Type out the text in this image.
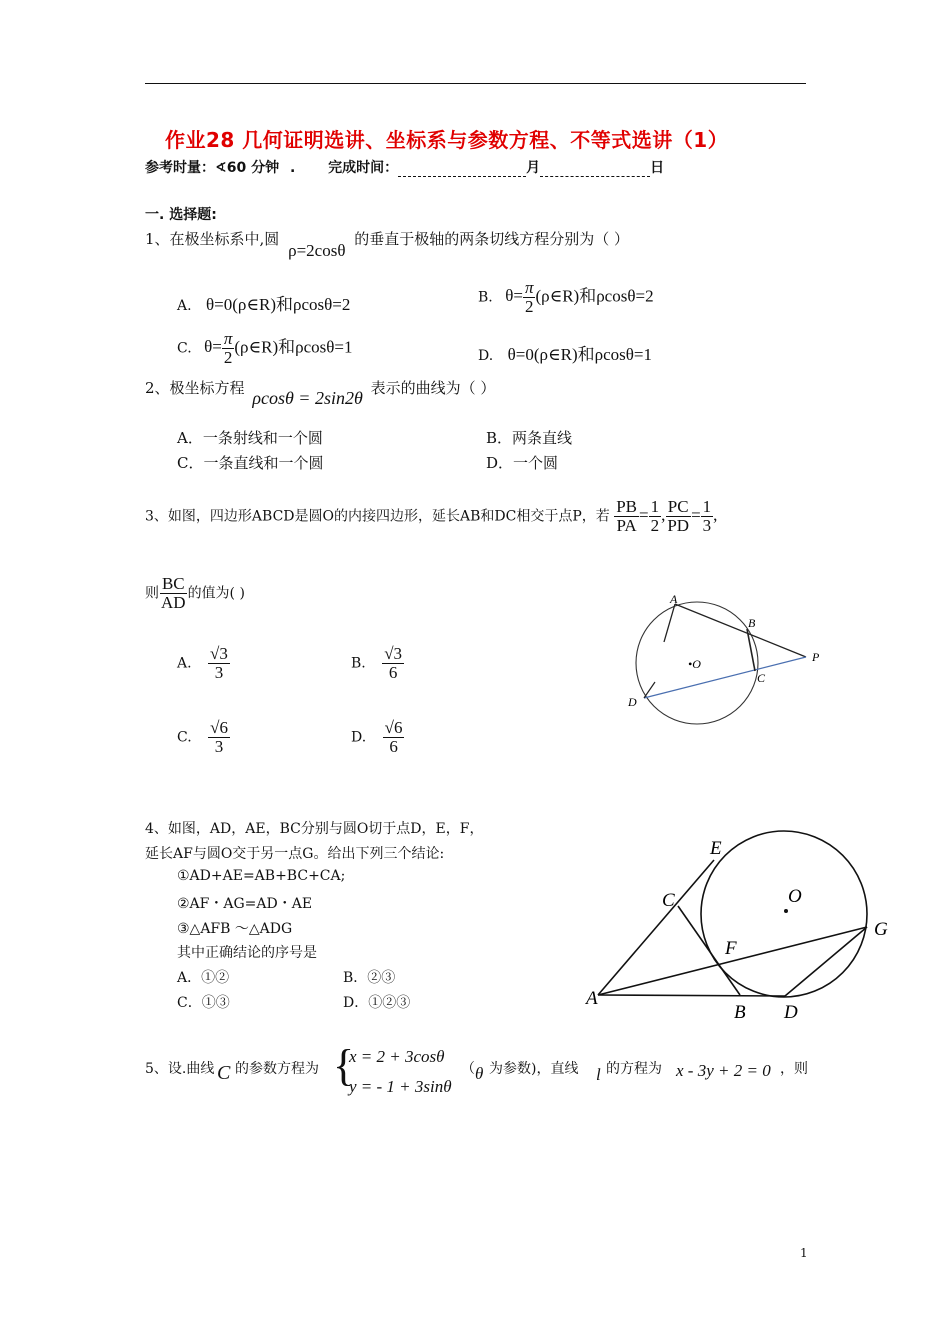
作业28 几何证明选讲、坐标系与参数方程、不等式选讲（1）
参考时量：∢60 分钟 . 完成时间：	月	日
一. 选择题:
1、在极坐标系中,圆 ρ=2cosθ 的垂直于极轴的两条切线方程分别为（ ）
A. θ=0(ρ∈R)和ρcosθ=2	B. $\theta= \frac{\pi}{2}$ (ρ∈R)和ρcosθ=2
C. $\theta= \frac{\pi}{2}$ (ρ∈R)和ρcosθ=1	D. θ=0(ρ∈R)和ρcosθ=1
2、极坐标方程 ρcosθ = 2sin2θ 表示的曲线为（ ）
A．一条射线和一个圆	B．两条直线
C．一条直线和一个圆	D．一个圆
3、如图，四边形ABCD是圆O的内接四边形，延长AB和DC相交于点P，若 $\frac{PB}{PA} = \frac{1}{2}$ , $\frac{PC}{PD} = \frac{1}{3}$ ,
则 $\frac{BC}{AD}$ 的值为( )
A. $\frac{√3}{3}$	B. $\frac{√3}{6}$
C. $\frac{√6}{3}$	D. $\frac{√6}{6}$
A
B
P
•O
C
D
4、如图，AD，AE，BC分别与圆O切于点D，E，F，
延长AF与圆O交于另一点G。给出下列三个结论:
①AD+AE=AB+BC+CA;
②AF・AG=AD・AE
③△AFB ～△ADG
其中正确结论的序号是
A．①②	B．②③
C．①③	D．①②③
E
C	O
G
F
A
B D
5、设.曲线 C 的参数方程为 {
x = 2 + 3cosθ
y = - 1 + 3sinθ
（ θ 为参数)，直线 l 的方程为 x - 3y + 2 = 0 ，则
1
